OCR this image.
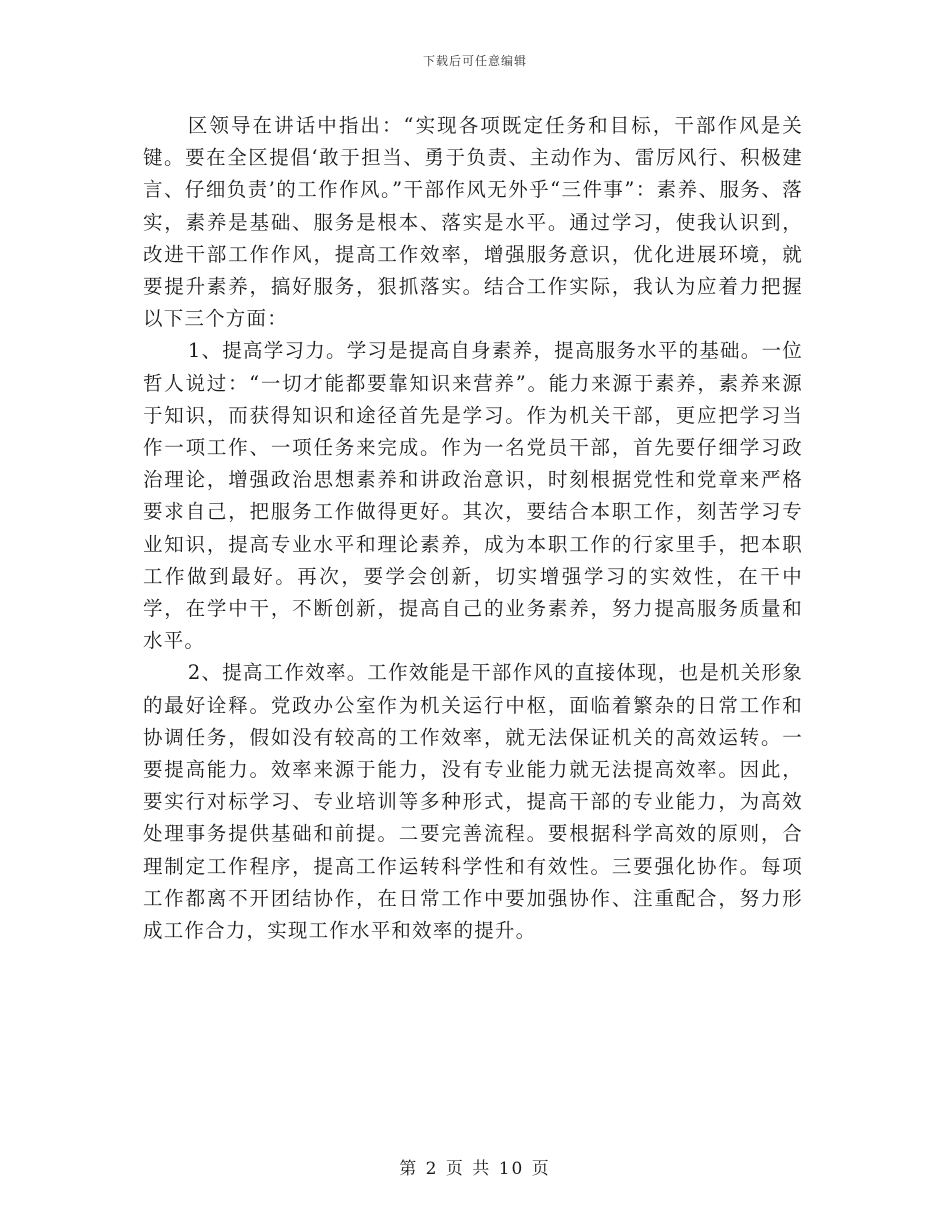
下载后可任意编辑

区领导在讲话中指出：“实现各项既定任务和目标，干部作风是关键。要在全区提倡‘敢于担当、勇于负责、主动作为、雷厉风行、积极建言、仔细负责’的工作作风。”干部作风无外乎“三件事”：素养、服务、落实，素养是基础、服务是根本、落实是水平。通过学习，使我认识到，改进干部工作作风，提高工作效率，增强服务意识，优化进展环境，就要提升素养，搞好服务，狠抓落实。结合工作实际，我认为应着力把握以下三个方面：

1、提高学习力。学习是提高自身素养，提高服务水平的基础。一位哲人说过：“一切才能都要靠知识来营养”。能力来源于素养，素养来源于知识，而获得知识和途径首先是学习。作为机关干部，更应把学习当作一项工作、一项任务来完成。作为一名党员干部，首先要仔细学习政治理论，增强政治思想素养和讲政治意识，时刻根据党性和党章来严格要求自己，把服务工作做得更好。其次，要结合本职工作，刻苦学习专业知识，提高专业水平和理论素养，成为本职工作的行家里手，把本职工作做到最好。再次，要学会创新，切实增强学习的实效性，在干中学，在学中干，不断创新，提高自己的业务素养，努力提高服务质量和水平。

2、提高工作效率。工作效能是干部作风的直接体现，也是机关形象的最好诠释。党政办公室作为机关运行中枢，面临着繁杂的日常工作和协调任务，假如没有较高的工作效率，就无法保证机关的高效运转。一要提高能力。效率来源于能力，没有专业能力就无法提高效率。因此，要实行对标学习、专业培训等多种形式，提高干部的专业能力，为高效处理事务提供基础和前提。二要完善流程。要根据科学高效的原则，合理制定工作程序，提高工作运转科学性和有效性。三要强化协作。每项工作都离不开团结协作，在日常工作中要加强协作、注重配合，努力形成工作合力，实现工作水平和效率的提升。

第 2 页 共 10 页
